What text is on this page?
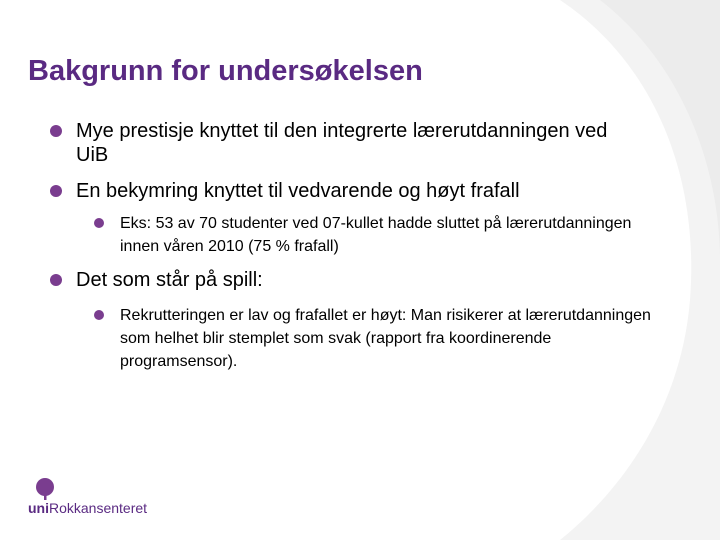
Bakgrunn for undersøkelsen
Mye prestisje knyttet til den integrerte lærerutdanningen ved UiB
En bekymring knyttet til vedvarende og høyt frafall
Eks: 53 av 70 studenter ved 07-kullet hadde sluttet på lærerutdanningen innen våren 2010 (75 % frafall)
Det som står på spill:
Rekrutteringen er lav og frafallet er høyt: Man risikerer at lærerutdanningen som helhet blir stemplet som svak (rapport fra koordinerende programsensor).
uniRokkansenteret
